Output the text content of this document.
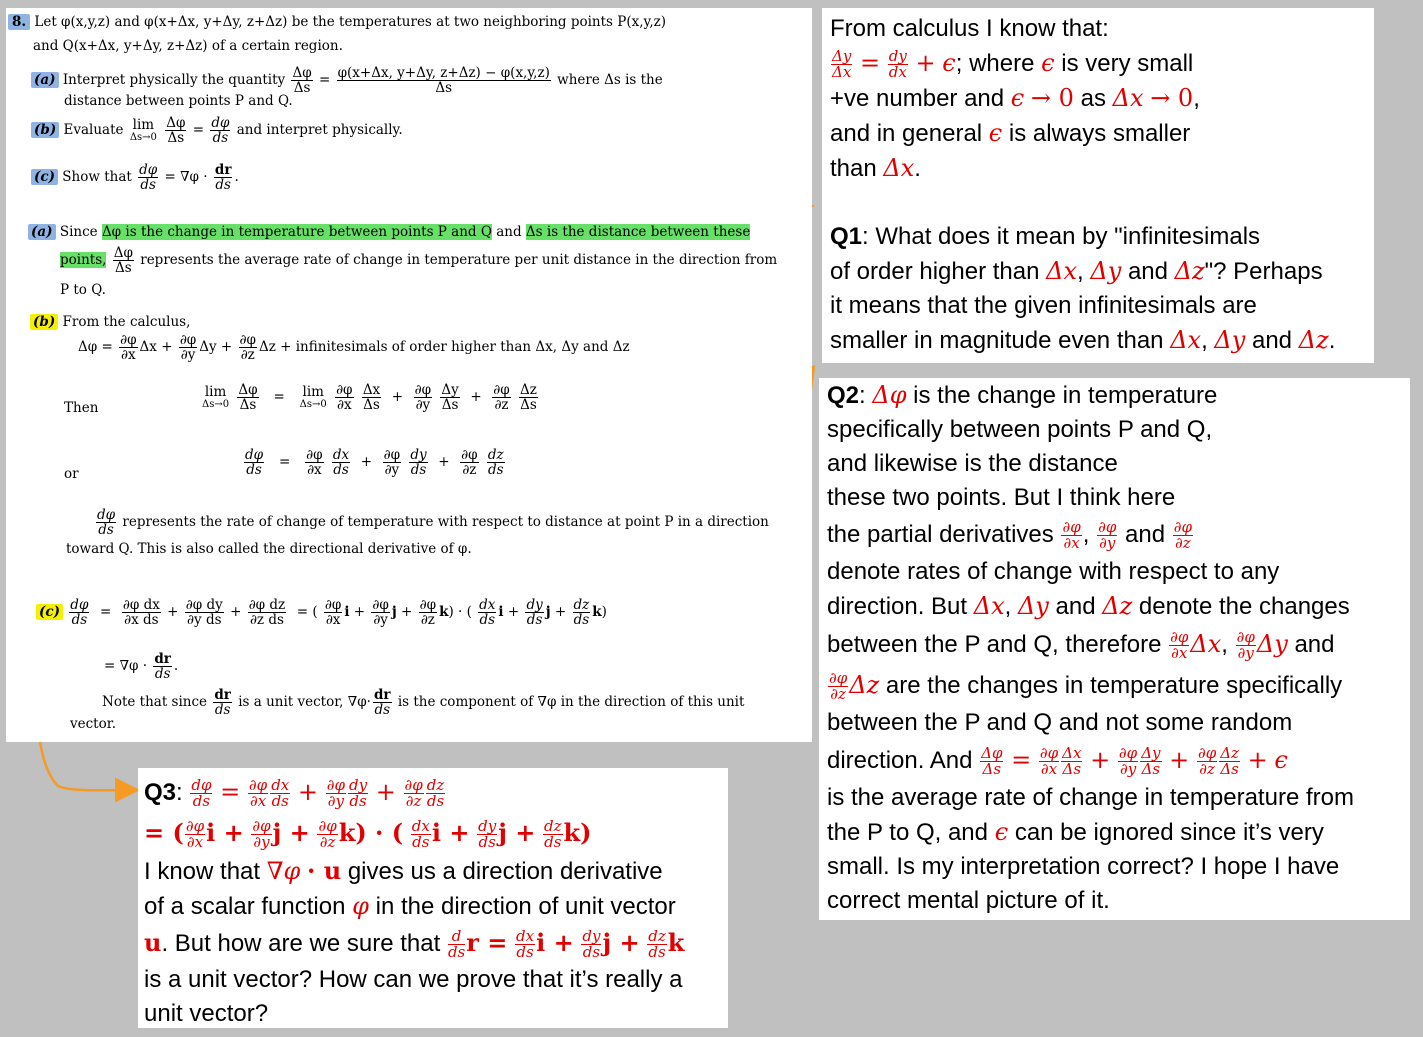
8. Let φ(x,y,z) and φ(x+Δx, y+Δy, z+Δz) be the temperatures at two neighboring points P(x,y,z)
and Q(x+Δx, y+Δy, z+Δz) of a certain region.
(a) Interpret physically the quantity $\frac{\Delta\varphi}{\Delta s} = \frac{\varphi(x+\Delta x, y+\Delta y, z+\Delta z) - \varphi(x,y,z)}{\Delta s}$ where Δs is the
distance between points P and Q.
(b) Evaluate lim
Δs→0
$\frac{\Delta\varphi}{\Delta s} = \frac{d\varphi}{ds}$ and interpret physically.
(c) Show that $\frac{d\varphi}{ds} = \nabla\varphi \cdot \frac{dr}{ds}$ .
(a) Since Δφ is the change in temperature between points P and Q and Δs is the distance between these
points, $\frac{\Delta\varphi}{\Delta s}$ represents the average rate of change in temperature per unit distance in the direction from
P to Q.
(b) From the calculus,
$\Delta\varphi = \frac{\partial\varphi}{\partial x}$ $\Delta x + \frac{\partial\varphi}{\partial y}$ $\Delta y + \frac{\partial\varphi}{\partial z}$ Δz + infinitesimals of order higher than Δx, Δy and Δz
Then
lim
Δs→0
$\frac{\Delta\varphi}{\Delta s} = \lim$
Δs→0
$\frac{\partial\varphi}{\partial x}$
$\frac{\Delta x}{\Delta s} + \frac{\partial\varphi}{\partial y}$
$\frac{\Delta y}{\Delta s} + \frac{\partial\varphi}{\partial z}$
$\frac{\Delta z}{\Delta s}$
or	$\frac{d\varphi}{ds} = \frac{\partial\varphi}{\partial x}$
$\frac{dx}{ds} + \frac{\partial\varphi}{\partial y}$
$\frac{dy}{ds} + \frac{\partial\varphi}{\partial z}$
$\frac{dz}{ds}$
$\frac{d\varphi}{ds}$ represents the rate of change of temperature with respect to distance at point P in a direction
toward Q. This is also called the directional derivative of φ.
$(c) \frac{d\varphi}{ds} = \frac{\text{∂φ dx}}{\text{∂x ds}} + \frac{\text{∂φ dy}}{\text{∂y ds}} + \frac{\text{∂φ dz}}{\text{∂z ds}}$ = ( $\frac{\partial\varphi}{\partial x}$ $i + \frac{\partial\varphi}{\partial y}$ $j + \frac{\partial\varphi}{\partial z} k$) · ( $\frac{dx}{ds}$ $i + \frac{dy}{ds}$ $j + \frac{dz}{ds} k$)
= $\nabla\varphi \cdot \frac{dr}{ds}$ .
Note that since $\frac{dr}{ds}$ is a unit vector, $\nabla\varphi\cdot \frac{dr}{ds}$ is the component of ∇φ in the direction of this unit
vector.

From calculus I know that:

$\frac{\Delta y}{\Delta x} = \frac{dy}{dx} + \epsilon$; where ϵ is very small

+ve number and ϵ → 0 as Δx → 0,

and in general ϵ is always smaller

than Δx.

Q1: What does it mean by "infinitesimals

of order higher than Δx, Δy and Δz"? Perhaps

it means that the given infinitesimals are

smaller in magnitude even than Δx, Δy and Δz.

Q2: Δφ is the change in temperature

specifically between points P and Q,

and likewise is the distance

these two points. But I think here

the partial derivatives $\frac{\partial\varphi}{\partial x}$ , $\frac{\partial\varphi}{\partial y}$ and $\frac{\partial\varphi}{\partial z}$

denote rates of change with respect to any

direction. But Δx, Δy and Δz denote the changes

between the P and Q, therefore $\frac{\partial\varphi}{\partial x} \Delta x$, $\frac{\partial\varphi}{\partial y}$ Δy and

$\frac{\partial\varphi}{\partial z}$ Δz are the changes in temperature specifically

between the P and Q and not some random

direction. And $\frac{\Delta\varphi}{\Delta s} = \frac{\partial\varphi}{\partial x} \frac{\Delta x}{\Delta s} + \frac{\partial\varphi}{\partial y} \frac{\Delta y}{\Delta s} + \frac{\partial\varphi}{\partial z} \frac{\Delta z}{\Delta s} + \epsilon$

is the average rate of change in temperature from

the P to Q, and ϵ can be ignored since it’s very

small. Is my interpretation correct? I hope I have

correct mental picture of it.

Q3: $\frac{d\varphi}{ds} = \frac{\partial\varphi}{\partial x} \frac{dx}{ds} + \frac{\partial\varphi}{\partial y} \frac{dy}{ds} + \frac{\partial\varphi}{\partial z} \frac{dz}{ds}$

= ( $\frac{\partial\varphi}{\partial x}$ $i + \frac{\partial\varphi}{\partial y}$ $j + \frac{\partial\varphi}{\partial z} k$) · ( $\frac{dx}{ds}$ $i + \frac{dy}{ds}$ $j + \frac{dz}{ds} k$)

I know that ∇φ · u gives us a direction derivative

of a scalar function φ in the direction of unit vector

u. But how are we sure that $\frac{d}{ds}$ $r = \frac{dx}{ds}$ $i + \frac{dy}{ds}$ $j + \frac{dz}{ds}$ k

is a unit vector? How can we prove that it’s really a

unit vector?
